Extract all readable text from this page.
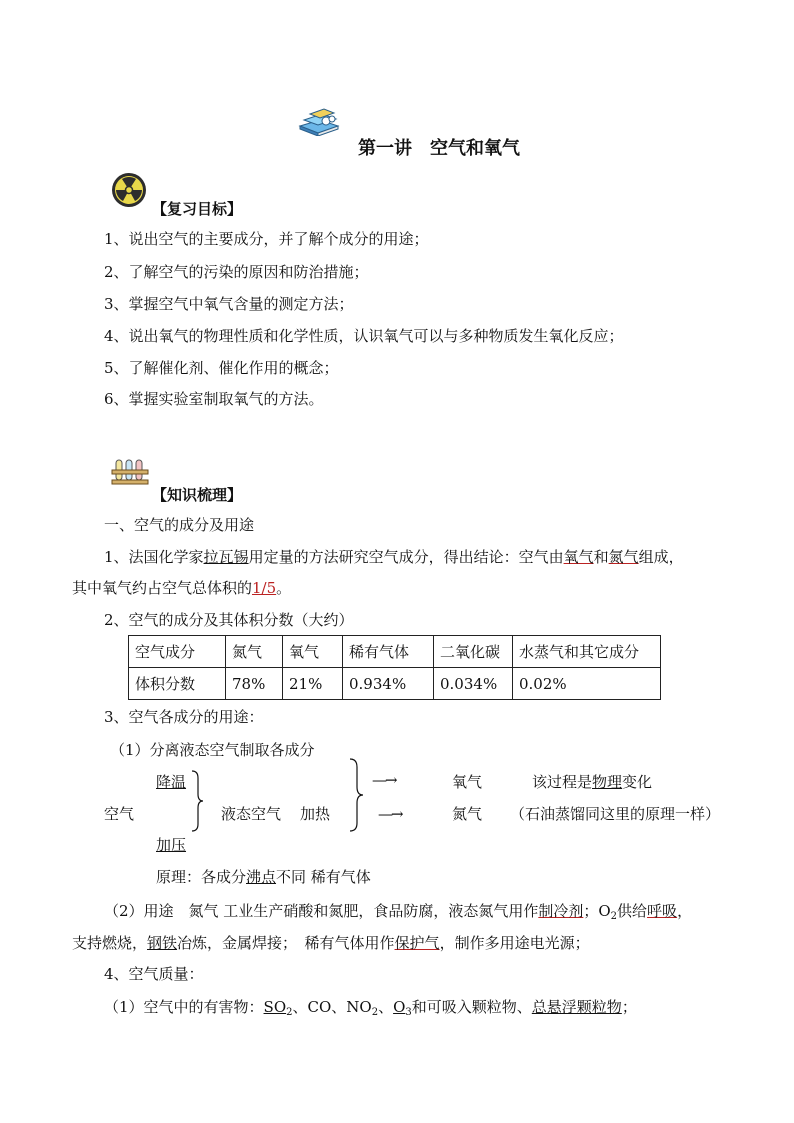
第一讲　空气和氧气
【复习目标】
1、说出空气的主要成分，并了解个成分的用途；
2、了解空气的污染的原因和防治措施；
3、掌握空气中氧气含量的测定方法；
4、说出氧气的物理性质和化学性质，认识氧气可以与多种物质发生氧化反应；
5、了解催化剂、催化作用的概念；
6、掌握实验室制取氧气的方法。
【知识梳理】
一、空气的成分及用途
1、法国化学家拉瓦锡用定量的方法研究空气成分，得出结论：空气由氧气和氮气组成，
其中氧气约占空气总体积的1/5。
2、空气的成分及其体积分数（大约）
空气成分	氮气	氧气	稀有气体	二氧化碳	水蒸气和其它成分
体积分数	78%	21%	0.934%	0.034%	0.02%
3、空气各成分的用途：
（1）分离液态空气制取各成分
降温
空气
加压
液态空气 加热
—→
—→
氧气
氮气
该过程是物理变化
（石油蒸馏同这里的原理一样）
原理：各成分沸点不同 稀有气体
（2）用途　氮气 工业生产硝酸和氮肥，食品防腐，液态氮气用作制冷剂；$O_2$供给呼吸，
支持燃烧，钢铁冶炼，金属焊接；　稀有气体用作保护气，制作多用途电光源；
4、空气质量：
（1）空气中的有害物：$SO_2$、CO、$NO_2$、$O_3$和可吸入颗粒物、总悬浮颗粒物；
